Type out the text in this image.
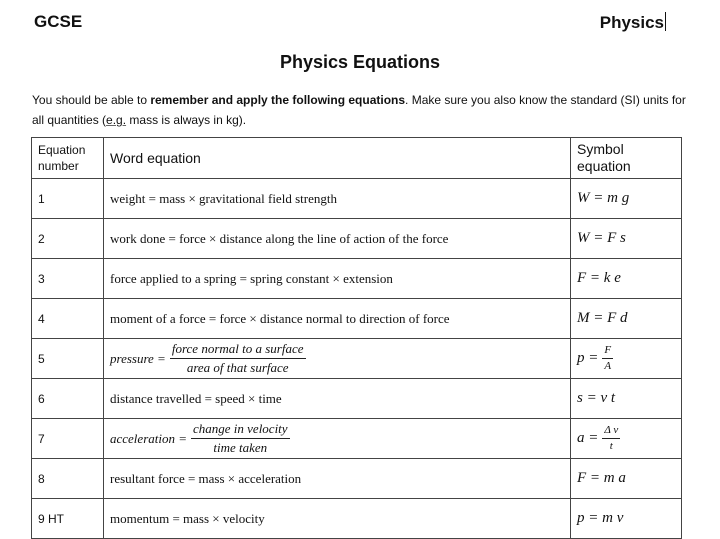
GCSE	Physics
Physics Equations
You should be able to remember and apply the following equations. Make sure you also know the standard (SI) units for all quantities (e.g. mass is always in kg).
Equation
number	Word equation	Symbol
equation
1	weight = mass × gravitational field strength	W = m g
2	work done = force × distance along the line of action of the force	W = F s
3	force applied to a spring = spring constant × extension	F = k e
4	moment of a force = force × distance normal to direction of force	M = F d
5	pressure = $\frac{\text{force normal to a surface}}{\text{area of that surface}}$	$p = \frac{F}{A}$

6	distance travelled = speed × time	s = v t
7	acceleration = $\frac{\text{change in velocity}}{\text{time taken}}$	$a = \frac{\text{Δ v}}{t}$

8	resultant force = mass × acceleration	F = m a
9 HT	momentum = mass × velocity	p = m v
